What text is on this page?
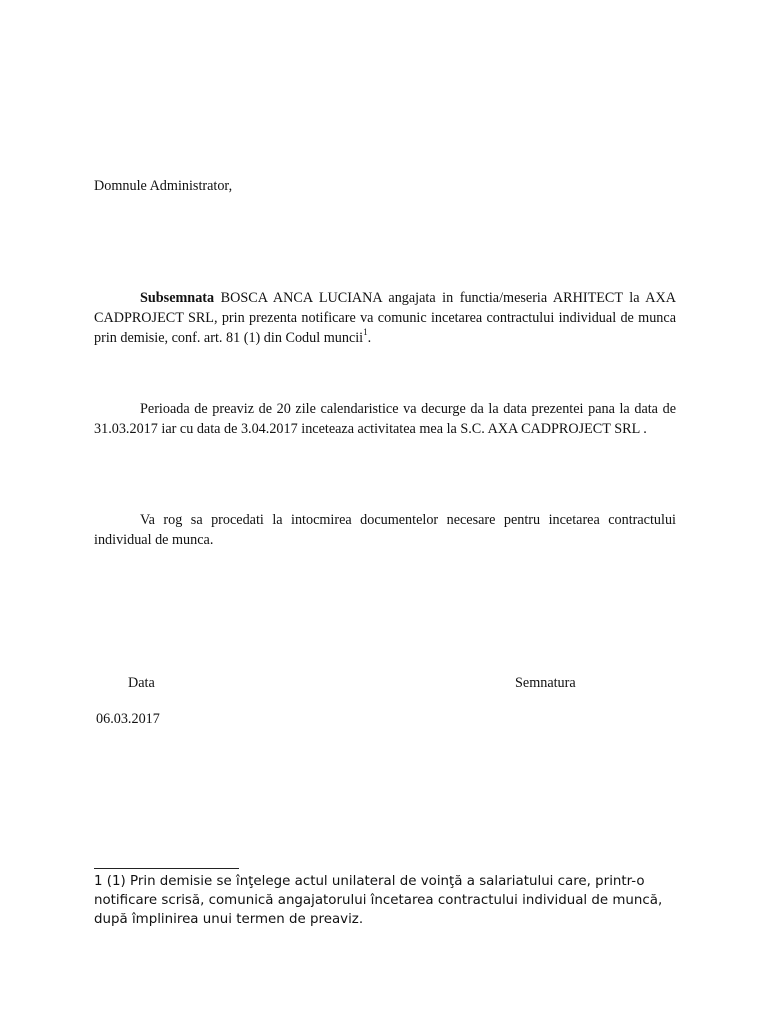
Domnule Administrator,

Subsemnata BOSCA ANCA LUCIANA angajata in functia/meseria ARHITECT la AXA CADPROJECT SRL, prin prezenta notificare va comunic incetarea contractului individual de munca prin demisie, conf. art. 81 (1) din Codul muncii$^1$.

Perioada de preaviz de 20 zile calendaristice va decurge da la data prezentei pana la data de 31.03.2017 iar cu data de 3.04.2017 inceteaza activitatea mea la S.C. AXA CADPROJECT SRL .

Va rog sa procedati la intocmirea documentelor necesare pentru incetarea contractului individual de munca.

Data	Semnatura
06.03.2017

1 (1) Prin demisie se înţelege actul unilateral de voinţă a salariatului care, printr-o notificare scrisă, comunică angajatorului încetarea contractului individual de muncă, după împlinirea unui termen de preaviz.
